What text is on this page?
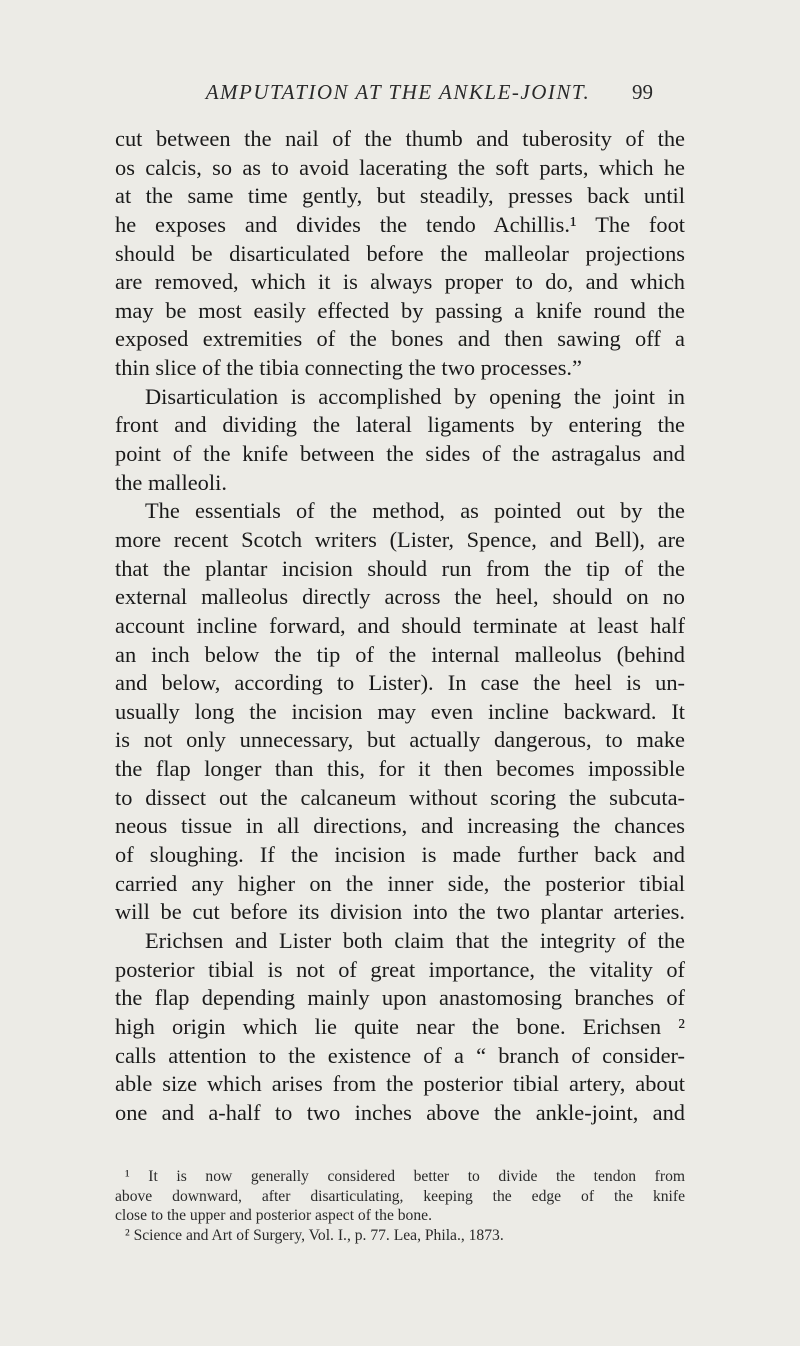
AMPUTATION AT THE ANKLE-JOINT.	99
cut between the nail of the thumb and tuberosity of the
os calcis, so as to avoid lacerating the soft parts, which he
at the same time gently, but steadily, presses back until
he exposes and divides the tendo Achillis.¹ The foot
should be disarticulated before the malleolar projections
are removed, which it is always proper to do, and which
may be most easily effected by passing a knife round the
exposed extremities of the bones and then sawing off a
thin slice of the tibia connecting the two processes.”
Disarticulation is accomplished by opening the joint in
front and dividing the lateral ligaments by entering the
point of the knife between the sides of the astragalus and
the malleoli.
The essentials of the method, as pointed out by the
more recent Scotch writers (Lister, Spence, and Bell), are
that the plantar incision should run from the tip of the
external malleolus directly across the heel, should on no
account incline forward, and should terminate at least half
an inch below the tip of the internal malleolus (behind
and below, according to Lister). In case the heel is un-
usually long the incision may even incline backward. It
is not only unnecessary, but actually dangerous, to make
the flap longer than this, for it then becomes impossible
to dissect out the calcaneum without scoring the subcuta-
neous tissue in all directions, and increasing the chances
of sloughing. If the incision is made further back and
carried any higher on the inner side, the posterior tibial
will be cut before its division into the two plantar arteries.
Erichsen and Lister both claim that the integrity of the
posterior tibial is not of great importance, the vitality of
the flap depending mainly upon anastomosing branches of
high origin which lie quite near the bone. Erichsen ²
calls attention to the existence of a “ branch of consider-
able size which arises from the posterior tibial artery, about
one and a-half to two inches above the ankle-joint, and
¹ It is now generally considered better to divide the tendon from
above downward, after disarticulating, keeping the edge of the knife
close to the upper and posterior aspect of the bone.
² Science and Art of Surgery, Vol. I., p. 77. Lea, Phila., 1873.
